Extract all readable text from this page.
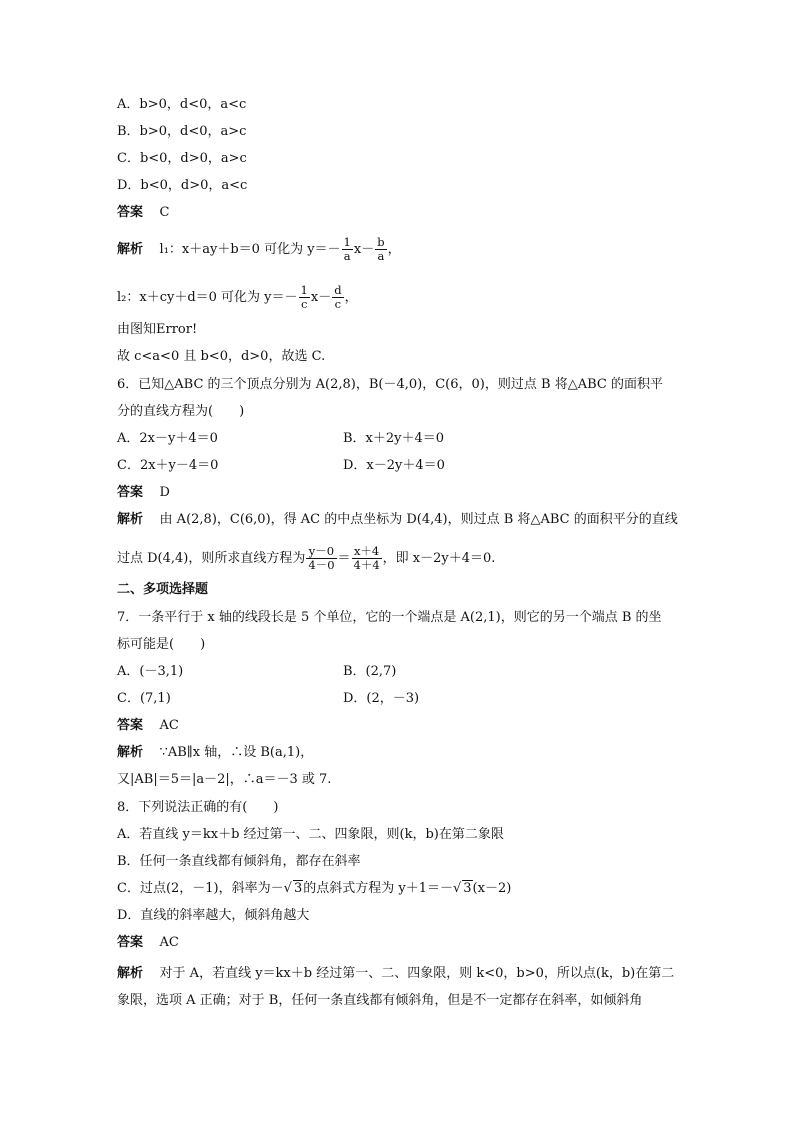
A．b>0，d<0，a<c
B．b>0，d<0，a>c
C．b<0，d>0，a>c
D．b<0，d>0，a<c
答案 C
解析 l₁：x＋ay＋b＝0 可化为 $y=- \frac{1}{a} x- \frac{b}{a}$ ，
l₂：x＋cy＋d＝0 可化为 $y=- \frac{1}{c} x- \frac{d}{c}$ ，
由图知Error!
故 c<a<0 且 b<0，d>0，故选 C.
6．已知△ABC 的三个顶点分别为 A(2,8)，B(－4,0)，C(6，0)，则过点 B 将△ABC 的面积平
分的直线方程为(　　)
A．2x－y＋4＝0	B．x＋2y＋4＝0
C．2x＋y－4＝0	D．x－2y＋4＝0
答案 D
解析 由 A(2,8)，C(6,0)，得 AC 的中点坐标为 D(4,4)，则过点 B 将△ABC 的面积平分的直线
过点 D(4,4)，则所求直线方程为 $\frac{y-0}{4-0} = \frac{x+4}{4+4}$ ，即 x－2y＋4＝0.
二、多项选择题
7．一条平行于 x 轴的线段长是 5 个单位，它的一个端点是 A(2,1)，则它的另一个端点 B 的坐
标可能是(　　)
A．(－3,1)	B．(2,7)
C．(7,1)	D．(2，－3)
答案 AC
解析 ∵AB∥x 轴，∴设 B(a,1)，
又|AB|＝5＝|a－2|，∴a＝－3 或 7.
8．下列说法正确的有(　　)
A．若直线 y＝kx＋b 经过第一、二、四象限，则(k，b)在第二象限
B．任何一条直线都有倾斜角，都存在斜率
C．过点(2，－1)，斜率为－√ 3的点斜式方程为 y＋1＝－√ 3(x－2)
D．直线的斜率越大，倾斜角越大
答案 AC
解析 对于 A，若直线 y＝kx＋b 经过第一、二、四象限，则 k<0，b>0，所以点(k，b)在第二
象限，选项 A 正确；对于 B，任何一条直线都有倾斜角，但是不一定都存在斜率，如倾斜角
